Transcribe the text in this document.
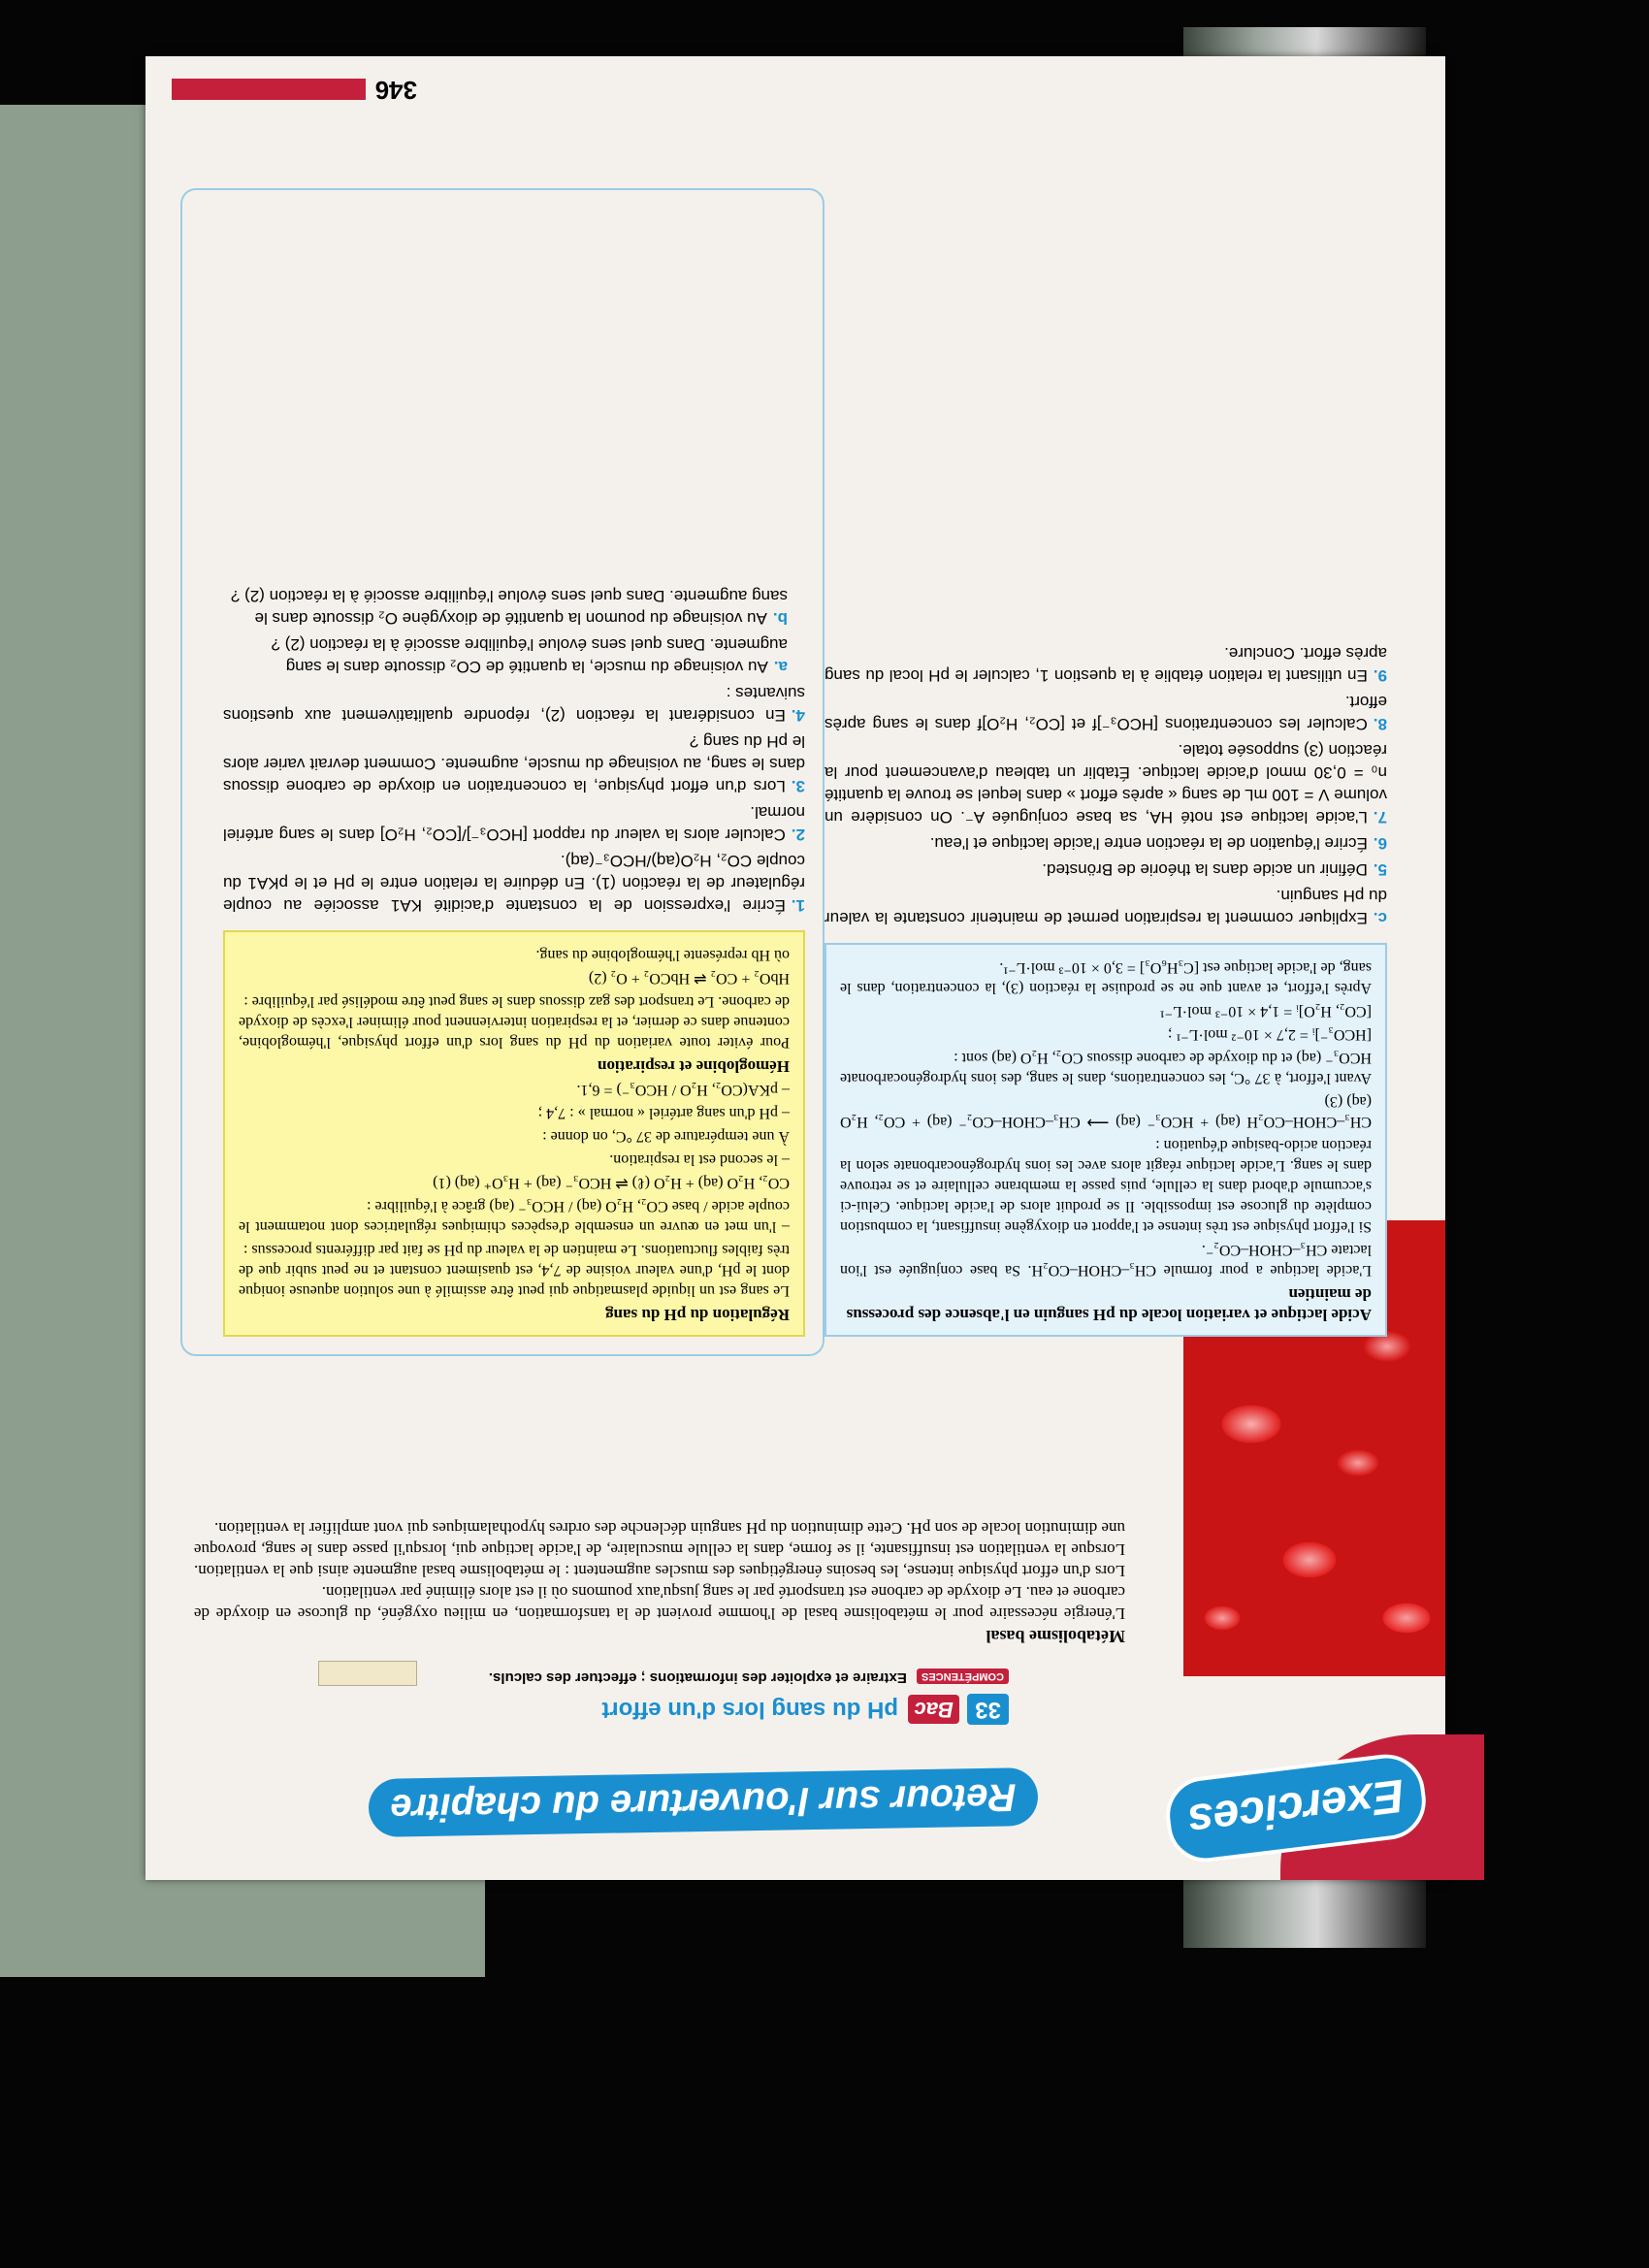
Exercices
Retour sur l'ouverture du chapitre
33 Bac pH du sang lors d'un effort
COMPÉTENCES Extraire et exploiter des informations ; effectuer des calculs.
Métabolisme basal

L'énergie nécessaire pour le métabolisme basal de l'homme provient de la tansformation, en milieu oxygéné, du glucose en dioxyde de carbone et eau. Le dioxyde de carbone est transporté par le sang jusqu'aux poumons où il est alors éliminé par ventilation.

Lors d'un effort physique intense, les besoins énergétiques des muscles augmentent : le métabolisme basal augmente ainsi que la ventilation. Lorsque la ventilation est insuffisante, il se forme, dans la cellule musculaire, de l'acide lactique qui, lorsqu'il passe dans le sang, provoque une diminution locale de son pH. Cette diminution du pH sanguin déclenche des ordres hypothalamiques qui vont amplifier la ventilation.

Acide lactique et variation locale du pH sanguin en l'absence des processus de maintien

L'acide lactique a pour formule CH₃–CHOH–CO₂H. Sa base conjuguée est l'ion lactate CH₃–CHOH–CO₂⁻.

Si l'effort physique est très intense et l'apport en dioxygène insuffisant, la combustion complète du glucose est impossible. Il se produit alors de l'acide lactique. Celui-ci s'accumule d'abord dans la cellule, puis passe la membrane cellulaire et se retrouve dans le sang. L'acide lactique réagit alors avec les ions hydrogénocarbonate selon la réaction acido-basique d'équation :

CH₃–CHOH–CO₂H (aq) + HCO₃⁻ (aq) ⟶ CH₃–CHOH–CO₂⁻ (aq) + CO₂, H₂O (aq) (3)

Avant l'effort, à 37 °C, les concentrations, dans le sang, des ions hydrogénocarbonate HCO₃⁻ (aq) et du dioxyde de carbone dissous CO₂, H₂O (aq) sont :

[HCO₃⁻]ᵢ = 2,7 × 10⁻² mol·L⁻¹ ;

[CO₂, H₂O]ᵢ = 1,4 × 10⁻³ mol·L⁻¹

Après l'effort, et avant que ne se produise la réaction (3), la concentration, dans le sang, de l'acide lactique est [C₃H₆O₃] = 3,0 × 10⁻³ mol·L⁻¹.

c.Expliquer comment la respiration permet de maintenir constante la valeur du pH sanguin.

5.Définir un acide dans la théorie de Brönsted.

6.Écrire l'équation de la réaction entre l'acide lactique et l'eau.

7.L'acide lactique est noté HA, sa base conjuguée A⁻. On considère un volume V = 100 mL de sang « après effort » dans lequel se trouve la quantité n₀ = 0,30 mmol d'acide lactique. Établir un tableau d'avancement pour la réaction (3) supposée totale.

8.Calculer les concentrations [HCO₃⁻]f et [CO₂, H₂O]f dans le sang après effort.

9.En utilisant la relation établie à la question 1, calculer le pH local du sang après effort. Conclure.

Régulation du pH du sang

Le sang est un liquide plasmatique qui peut être assimilé à une solution aqueuse ionique dont le pH, d'une valeur voisine de 7,4, est quasiment constant et ne peut subir que de très faibles fluctuations. Le maintien de la valeur du pH se fait par différents processus :

– l'un met en œuvre un ensemble d'espèces chimiques régulatrices dont notamment le couple acide / base CO₂, H₂O (aq) / HCO₃⁻ (aq) grâce à l'équilibre :

CO₂, H₂O (aq) + H₂O (ℓ) ⇌ HCO₃⁻ (aq) + H₃O⁺ (aq) (1)

– le second est la respiration.

À une température de 37 °C, on donne :

– pH d'un sang artériel « normal » : 7,4 ;

– pKA(CO₂, H₂O / HCO₃⁻) = 6,1.

Hémoglobine et respiration

Pour éviter toute variation du pH du sang lors d'un effort physique, l'hémoglobine, contenue dans ce dernier, et la respiration interviennent pour éliminer l'excès de dioxyde de carbone. Le transport des gaz dissous dans le sang peut être modélisé par l'équilibre :

HbO₂ + CO₂ ⇌ HbCO₂ + O₂ (2)

où Hb représente l'hémoglobine du sang.

1.Écrire l'expression de la constante d'acidité KA1 associée au couple régulateur de la réaction (1). En déduire la relation entre le pH et le pKA1 du couple CO₂, H₂O(aq)/HCO₃⁻(aq).

2.Calculer alors la valeur du rapport [HCO₃⁻]/[CO₂, H₂O] dans le sang artériel normal.

3.Lors d'un effort physique, la concentration en dioxyde de carbone dissous dans le sang, au voisinage du muscle, augmente. Comment devrait varier alors le pH du sang ?

4.En considérant la réaction (2), répondre qualitativement aux questions suivantes :

a.Au voisinage du muscle, la quantité de CO₂ dissoute dans le sang augmente. Dans quel sens évolue l'équilibre associé à la réaction (2) ?

b.Au voisinage du poumon la quantité de dioxygène O₂ dissoute dans le sang augmente. Dans quel sens évolue l'équilibre associé à la réaction (2) ?

346
